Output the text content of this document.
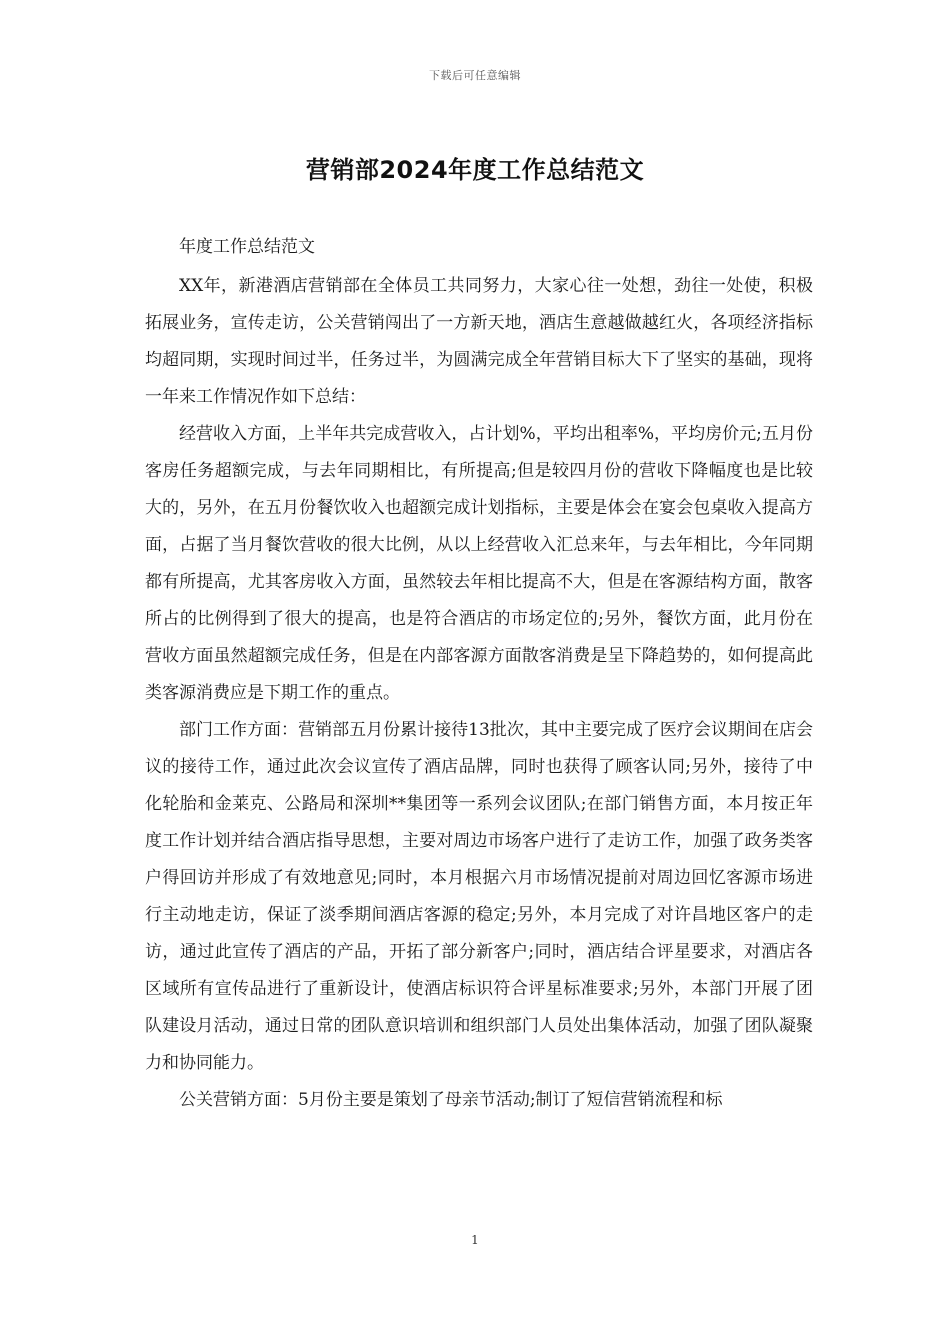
下载后可任意编辑
营销部2024年度工作总结范文

年度工作总结范文

XX年，新港酒店营销部在全体员工共同努力，大家心往一处想，劲往一处使，积极拓展业务，宣传走访，公关营销闯出了一方新天地，酒店生意越做越红火，各项经济指标均超同期，实现时间过半，任务过半，为圆满完成全年营销目标大下了坚实的基础，现将一年来工作情况作如下总结：

经营收入方面，上半年共完成营收入，占计划%，平均出租率%，平均房价元;五月份客房任务超额完成，与去年同期相比，有所提高;但是较四月份的营收下降幅度也是比较大的，另外，在五月份餐饮收入也超额完成计划指标，主要是体会在宴会包桌收入提高方面，占据了当月餐饮营收的很大比例，从以上经营收入汇总来年，与去年相比，今年同期都有所提高，尤其客房收入方面，虽然较去年相比提高不大，但是在客源结构方面，散客所占的比例得到了很大的提高，也是符合酒店的市场定位的;另外，餐饮方面，此月份在营收方面虽然超额完成任务，但是在内部客源方面散客消费是呈下降趋势的，如何提高此类客源消费应是下期工作的重点。

部门工作方面：营销部五月份累计接待13批次，其中主要完成了医疗会议期间在店会议的接待工作，通过此次会议宣传了酒店品牌，同时也获得了顾客认同;另外，接待了中化轮胎和金莱克、公路局和深圳**集团等一系列会议团队;在部门销售方面，本月按正年度工作计划并结合酒店指导思想，主要对周边市场客户进行了走访工作，加强了政务类客户得回访并形成了有效地意见;同时，本月根据六月市场情况提前对周边回忆客源市场进行主动地走访，保证了淡季期间酒店客源的稳定;另外，本月完成了对许昌地区客户的走访，通过此宣传了酒店的产品，开拓了部分新客户;同时，酒店结合评星要求，对酒店各区域所有宣传品进行了重新设计，使酒店标识符合评星标准要求;另外，本部门开展了团队建设月活动，通过日常的团队意识培训和组织部门人员处出集体活动，加强了团队凝聚力和协同能力。

公关营销方面：5月份主要是策划了母亲节活动;制订了短信营销流程和标

1
